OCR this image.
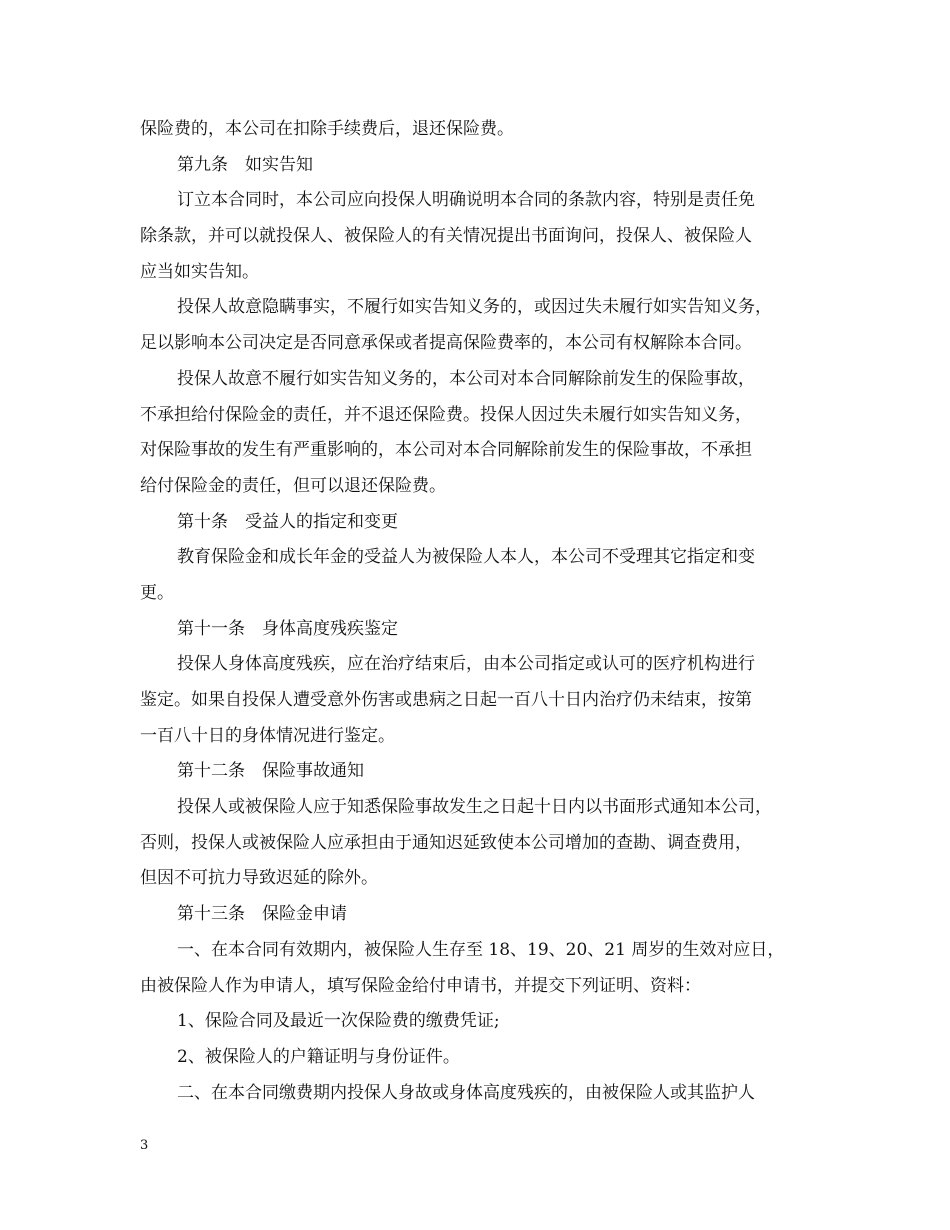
保险费的，本公司在扣除手续费后，退还保险费。
第九条　如实告知
订立本合同时，本公司应向投保人明确说明本合同的条款内容，特别是责任免
除条款，并可以就投保人、被保险人的有关情况提出书面询问，投保人、被保险人
应当如实告知。
投保人故意隐瞒事实，不履行如实告知义务的，或因过失未履行如实告知义务，
足以影响本公司决定是否同意承保或者提高保险费率的，本公司有权解除本合同。
投保人故意不履行如实告知义务的，本公司对本合同解除前发生的保险事故，
不承担给付保险金的责任，并不退还保险费。投保人因过失未履行如实告知义务，
对保险事故的发生有严重影响的，本公司对本合同解除前发生的保险事故，不承担
给付保险金的责任，但可以退还保险费。
第十条　受益人的指定和变更
教育保险金和成长年金的受益人为被保险人本人，本公司不受理其它指定和变
更。
第十一条　身体高度残疾鉴定
投保人身体高度残疾，应在治疗结束后，由本公司指定或认可的医疗机构进行
鉴定。如果自投保人遭受意外伤害或患病之日起一百八十日内治疗仍未结束，按第
一百八十日的身体情况进行鉴定。
第十二条　保险事故通知
投保人或被保险人应于知悉保险事故发生之日起十日内以书面形式通知本公司，
否则，投保人或被保险人应承担由于通知迟延致使本公司增加的查勘、调查费用，
但因不可抗力导致迟延的除外。
第十三条　保险金申请
一、在本合同有效期内，被保险人生存至 18、19、20、21 周岁的生效对应日，
由被保险人作为申请人，填写保险金给付申请书，并提交下列证明、资料：
1、保险合同及最近一次保险费的缴费凭证;
2、被保险人的户籍证明与身份证件。
二、在本合同缴费期内投保人身故或身体高度残疾的，由被保险人或其监护人
3
